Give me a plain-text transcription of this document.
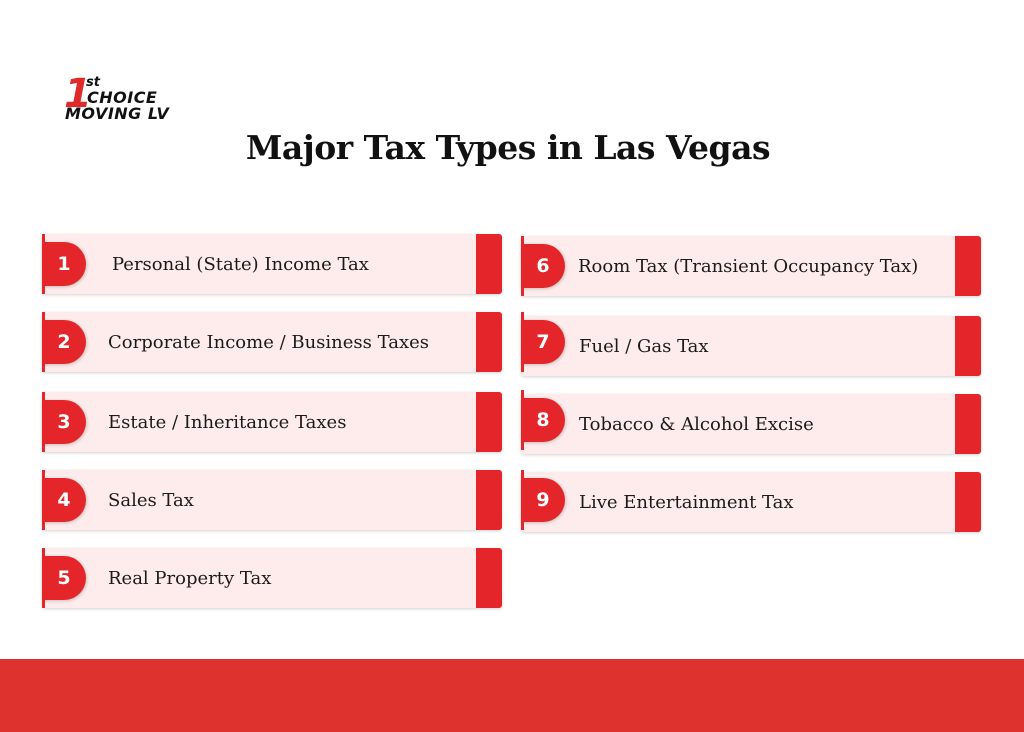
1
st
CHOICE
MOVING LV
Major Tax Types in Las Vegas
1	Personal (State) Income Tax
2	Corporate Income / Business Taxes
3	Estate / Inheritance Taxes
4	Sales Tax
5	Real Property Tax
6	Room Tax (Transient Occupancy Tax)
7	Fuel / Gas Tax
8	Tobacco & Alcohol Excise
9	Live Entertainment Tax
